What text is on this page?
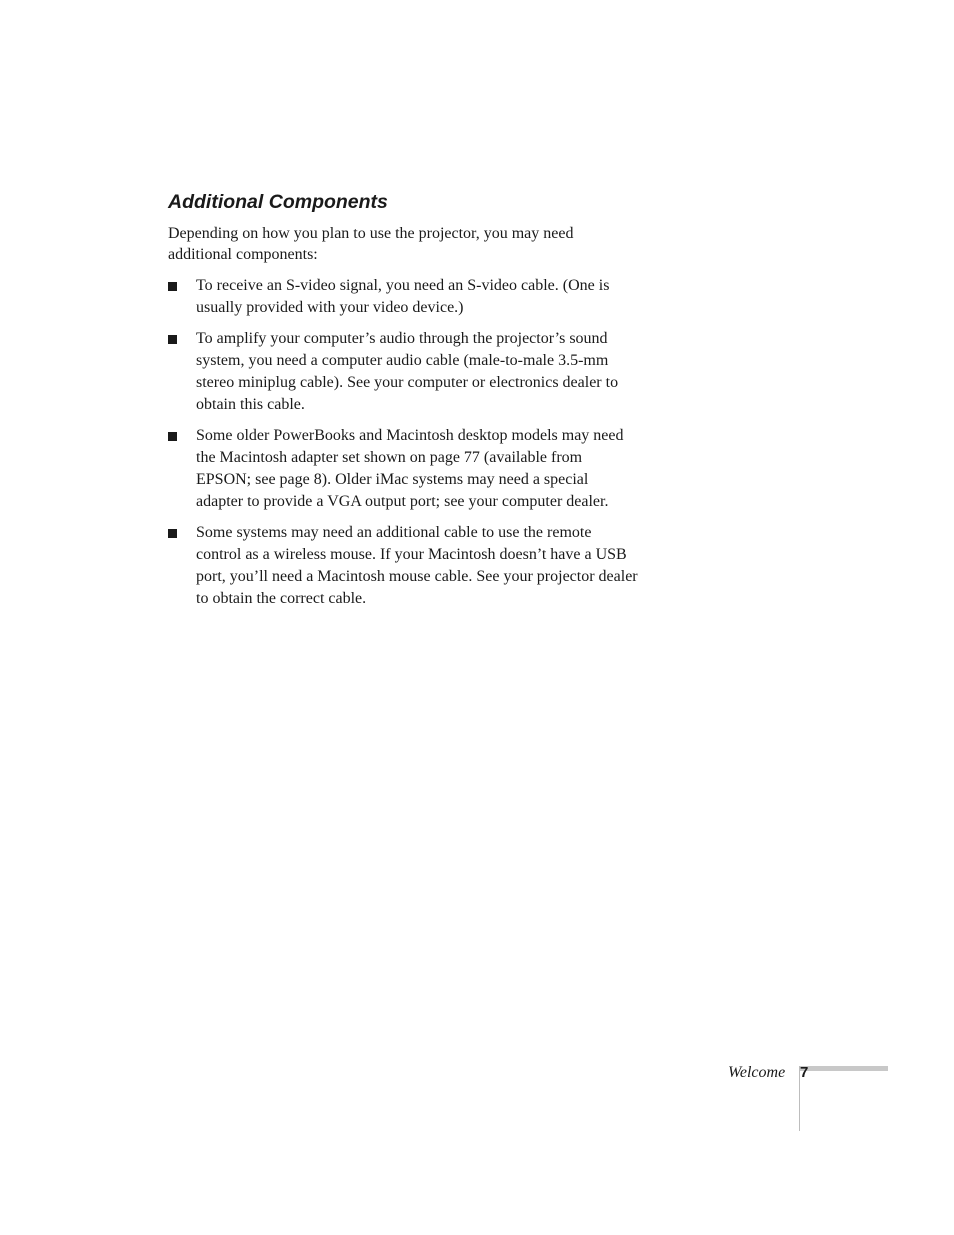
Additional Components

Depending on how you plan to use the projector, you may need additional components:

To receive an S-video signal, you need an S-video cable. (One is usually provided with your video device.)
To amplify your computer’s audio through the projector’s sound system, you need a computer audio cable (male-to-male 3.5-mm stereo miniplug cable). See your computer or electronics dealer to obtain this cable.
Some older PowerBooks and Macintosh desktop models may need the Macintosh adapter set shown on page 77 (available from EPSON; see page 8). Older iMac systems may need a special adapter to provide a VGA output port; see your computer dealer.
Some systems may need an additional cable to use the remote control as a wireless mouse. If your Macintosh doesn’t have a USB port, you’ll need a Macintosh mouse cable. See your projector dealer to obtain the correct cable.
Welcome 7
